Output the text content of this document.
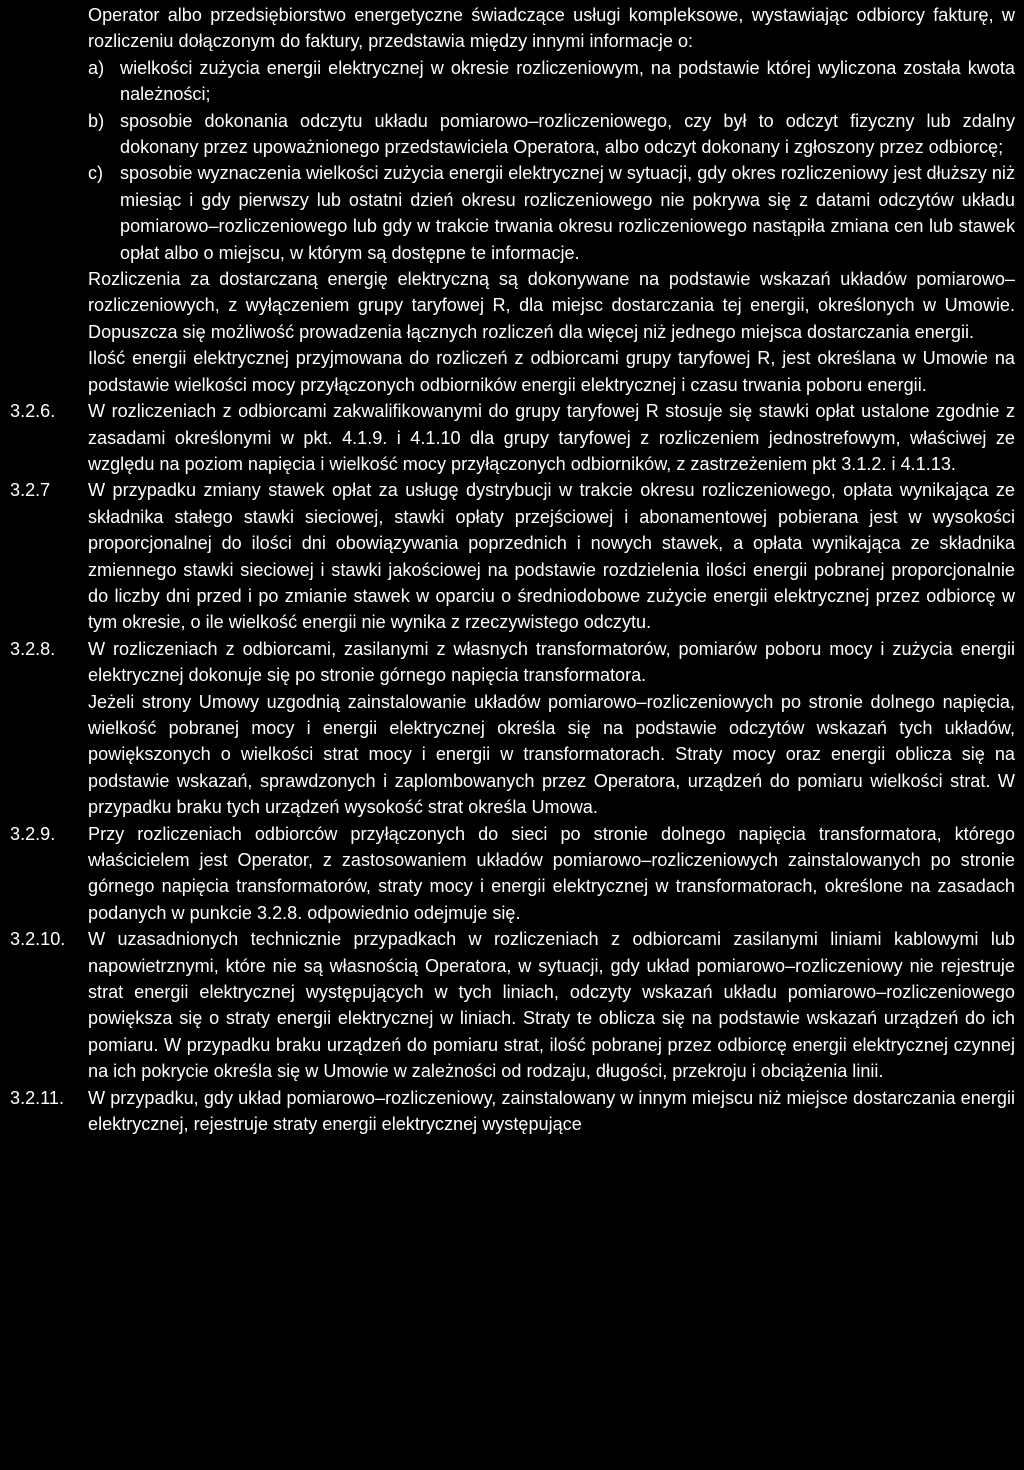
Operator albo przedsiębiorstwo energetyczne świadczące usługi kompleksowe, wystawiając odbiorcy fakturę, w rozliczeniu dołączonym do faktury, przedstawia między innymi informacje o:

a) wielkości zużycia energii elektrycznej w okresie rozliczeniowym, na podstawie której wyliczona została kwota należności;
b) sposobie dokonania odczytu układu pomiarowo–rozliczeniowego, czy był to odczyt fizyczny lub zdalny dokonany przez upoważnionego przedstawiciela Operatora, albo odczyt dokonany i zgłoszony przez odbiorcę;
c) sposobie wyznaczenia wielkości zużycia energii elektrycznej w sytuacji, gdy okres rozliczeniowy jest dłuższy niż miesiąc i gdy pierwszy lub ostatni dzień okresu rozliczeniowego nie pokrywa się z datami odczytów układu pomiarowo–rozliczeniowego lub gdy w trakcie trwania okresu rozliczeniowego nastąpiła zmiana cen lub stawek opłat albo o miejscu, w którym są dostępne te informacje.

Rozliczenia za dostarczaną energię elektryczną są dokonywane na podstawie wskazań układów pomiarowo–rozliczeniowych, z wyłączeniem grupy taryfowej R, dla miejsc dostarczania tej energii, określonych w Umowie. Dopuszcza się możliwość prowadzenia łącznych rozliczeń dla więcej niż jednego miejsca dostarczania energii.

Ilość energii elektrycznej przyjmowana do rozliczeń z odbiorcami grupy taryfowej R, jest określana w Umowie na podstawie wielkości mocy przyłączonych odbiorników energii elektrycznej i czasu trwania poboru energii.

3.2.6. W rozliczeniach z odbiorcami zakwalifikowanymi do grupy taryfowej R stosuje się stawki opłat ustalone zgodnie z zasadami określonymi w pkt. 4.1.9. i 4.1.10 dla grupy taryfowej z rozliczeniem jednostrefowym, właściwej ze względu na poziom napięcia i wielkość mocy przyłączonych odbiorników, z zastrzeżeniem pkt 3.1.2. i 4.1.13.

3.2.7 W przypadku zmiany stawek opłat za usługę dystrybucji w trakcie okresu rozliczeniowego, opłata wynikająca ze składnika stałego stawki sieciowej, stawki opłaty przejściowej i abonamentowej pobierana jest w wysokości proporcjonalnej do ilości dni obowiązywania poprzednich i nowych stawek, a opłata wynikająca ze składnika zmiennego stawki sieciowej i stawki jakościowej na podstawie rozdzielenia ilości energii pobranej proporcjonalnie do liczby dni przed i po zmianie stawek w oparciu o średniodobowe zużycie energii elektrycznej przez odbiorcę w tym okresie, o ile wielkość energii nie wynika z rzeczywistego odczytu.

3.2.8. W rozliczeniach z odbiorcami, zasilanymi z własnych transformatorów, pomiarów poboru mocy i zużycia energii elektrycznej dokonuje się po stronie górnego napięcia transformatora.

Jeżeli strony Umowy uzgodnią zainstalowanie układów pomiarowo–rozliczeniowych po stronie dolnego napięcia, wielkość pobranej mocy i energii elektrycznej określa się na podstawie odczytów wskazań tych układów, powiększonych o wielkości strat mocy i energii w transformatorach. Straty mocy oraz energii oblicza się na podstawie wskazań, sprawdzonych i zaplombowanych przez Operatora, urządzeń do pomiaru wielkości strat. W przypadku braku tych urządzeń wysokość strat określa Umowa.

3.2.9. Przy rozliczeniach odbiorców przyłączonych do sieci po stronie dolnego napięcia transformatora, którego właścicielem jest Operator, z zastosowaniem układów pomiarowo–rozliczeniowych zainstalowanych po stronie górnego napięcia transformatorów, straty mocy i energii elektrycznej w transformatorach, określone na zasadach podanych w punkcie 3.2.8. odpowiednio odejmuje się.

3.2.10. W uzasadnionych technicznie przypadkach w rozliczeniach z odbiorcami zasilanymi liniami kablowymi lub napowietrznymi, które nie są własnością Operatora, w sytuacji, gdy układ pomiarowo–rozliczeniowy nie rejestruje strat energii elektrycznej występujących w tych liniach, odczyty wskazań układu pomiarowo–rozliczeniowego powiększa się o straty energii elektrycznej w liniach. Straty te oblicza się na podstawie wskazań urządzeń do ich pomiaru. W przypadku braku urządzeń do pomiaru strat, ilość pobranej przez odbiorcę energii elektrycznej czynnej na ich pokrycie określa się w Umowie w zależności od rodzaju, długości, przekroju i obciążenia linii.

3.2.11. W przypadku, gdy układ pomiarowo–rozliczeniowy, zainstalowany w innym miejscu niż miejsce dostarczania energii elektrycznej, rejestruje straty energii elektrycznej występujące
